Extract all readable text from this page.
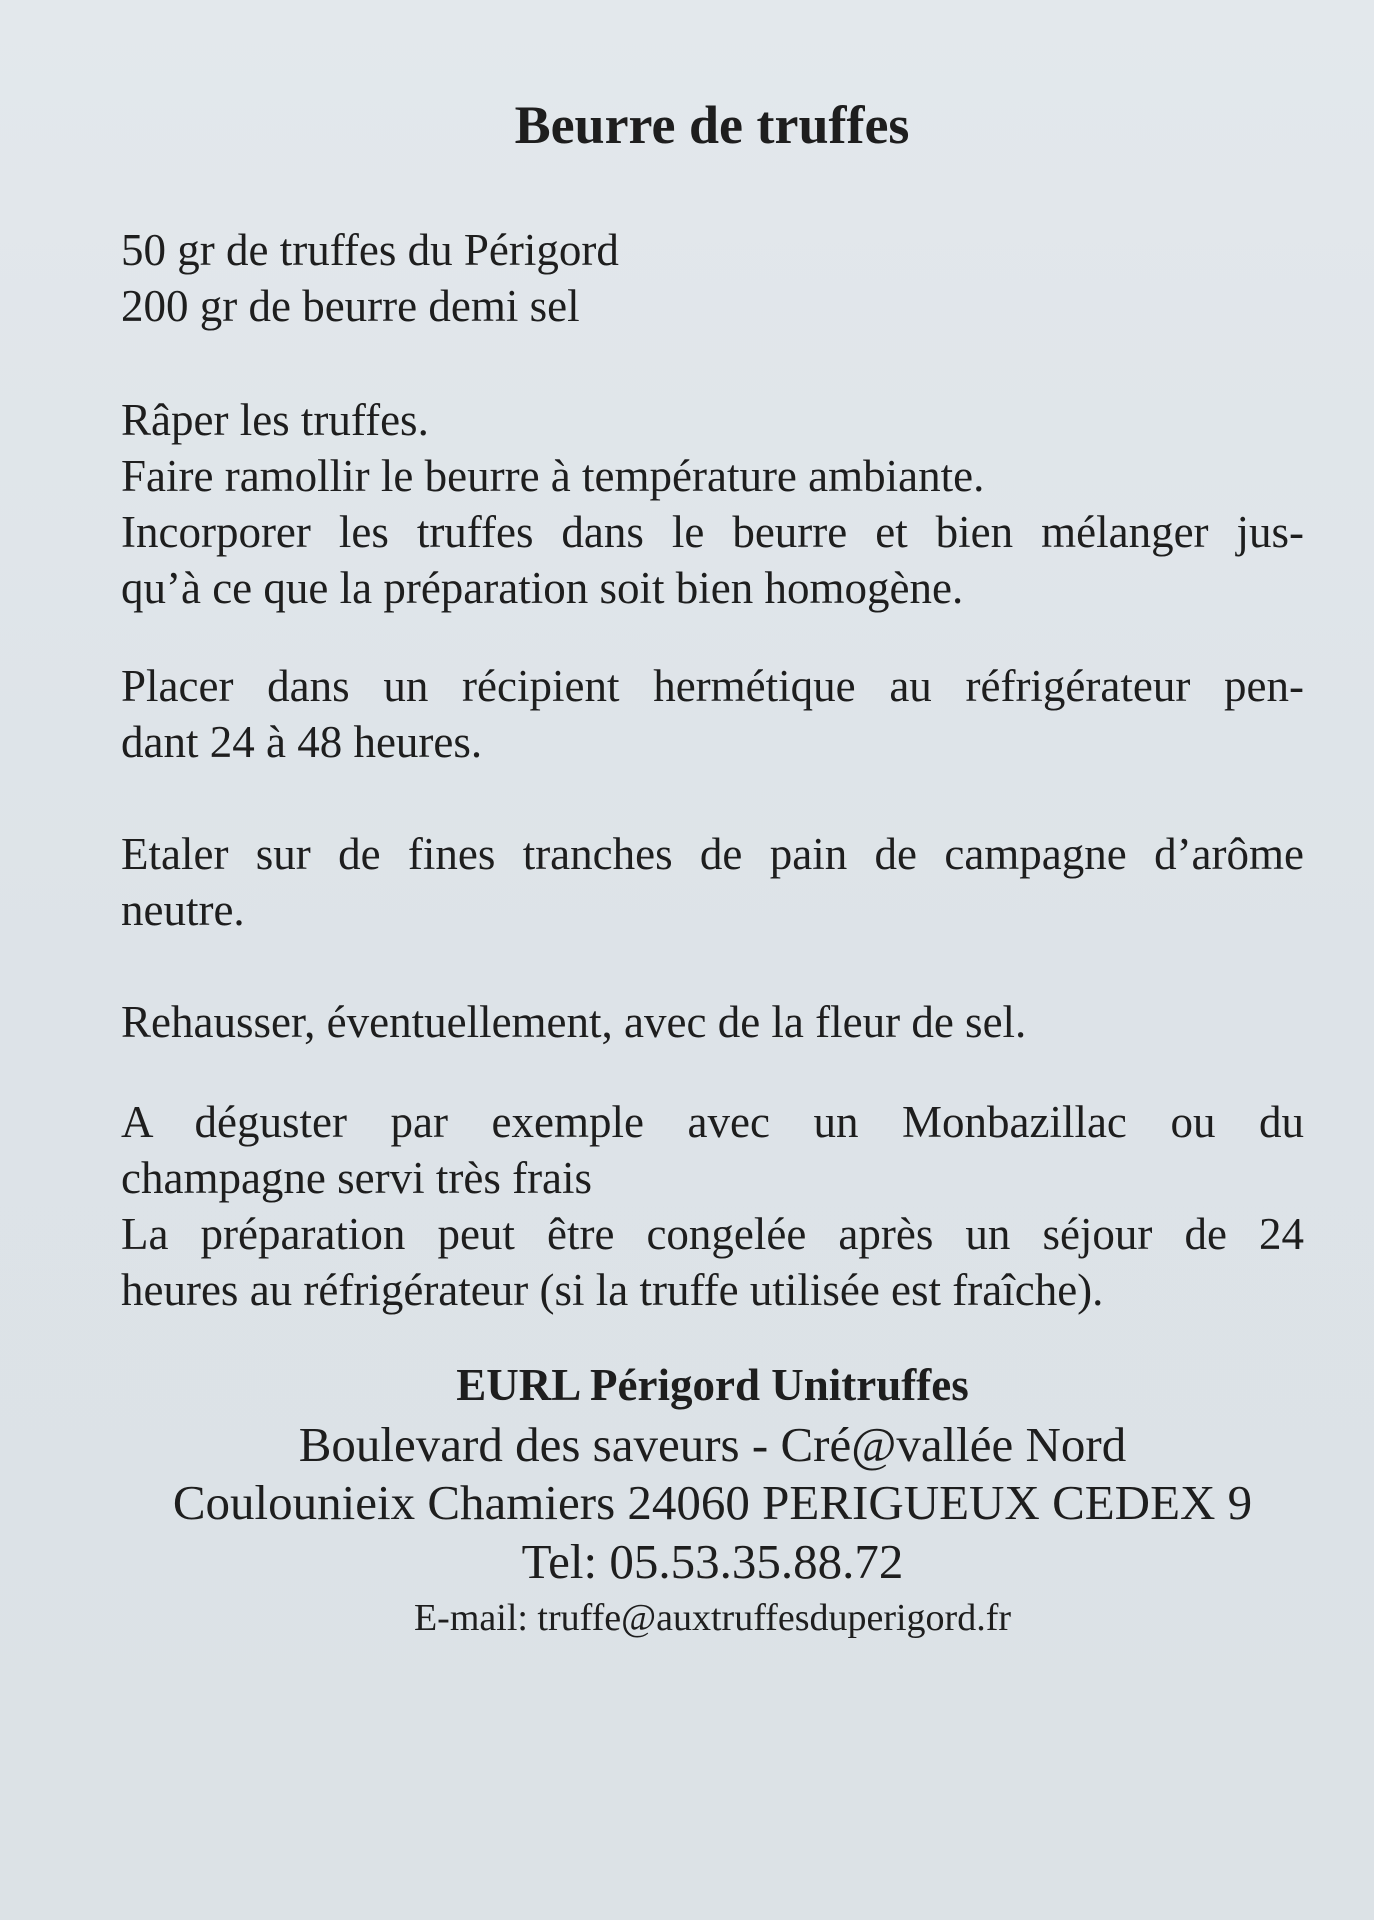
Beurre de truffes

50 gr de truffes du Périgord

200 gr de beurre demi sel

Râper les truffes.

Faire ramollir le beurre à température ambiante.

Incorporer les truffes dans le beurre et bien mélanger jus-

qu’à ce que la préparation soit bien homogène.

Placer dans un récipient hermétique au réfrigérateur pen-

dant 24 à 48 heures.

Etaler sur de fines tranches de pain de campagne d’arôme

neutre.

Rehausser, éventuellement, avec de la fleur de sel.

A déguster par exemple avec un Monbazillac ou du

champagne servi très frais

La préparation peut être congelée après un séjour de 24

heures au réfrigérateur (si la truffe utilisée est fraîche).

EURL Périgord Unitruffes

Boulevard des saveurs - Cré@vallée Nord

Coulounieix Chamiers 24060 PERIGUEUX CEDEX 9

Tel: 05.53.35.88.72

E-mail: truffe@auxtruffesduperigord.fr
